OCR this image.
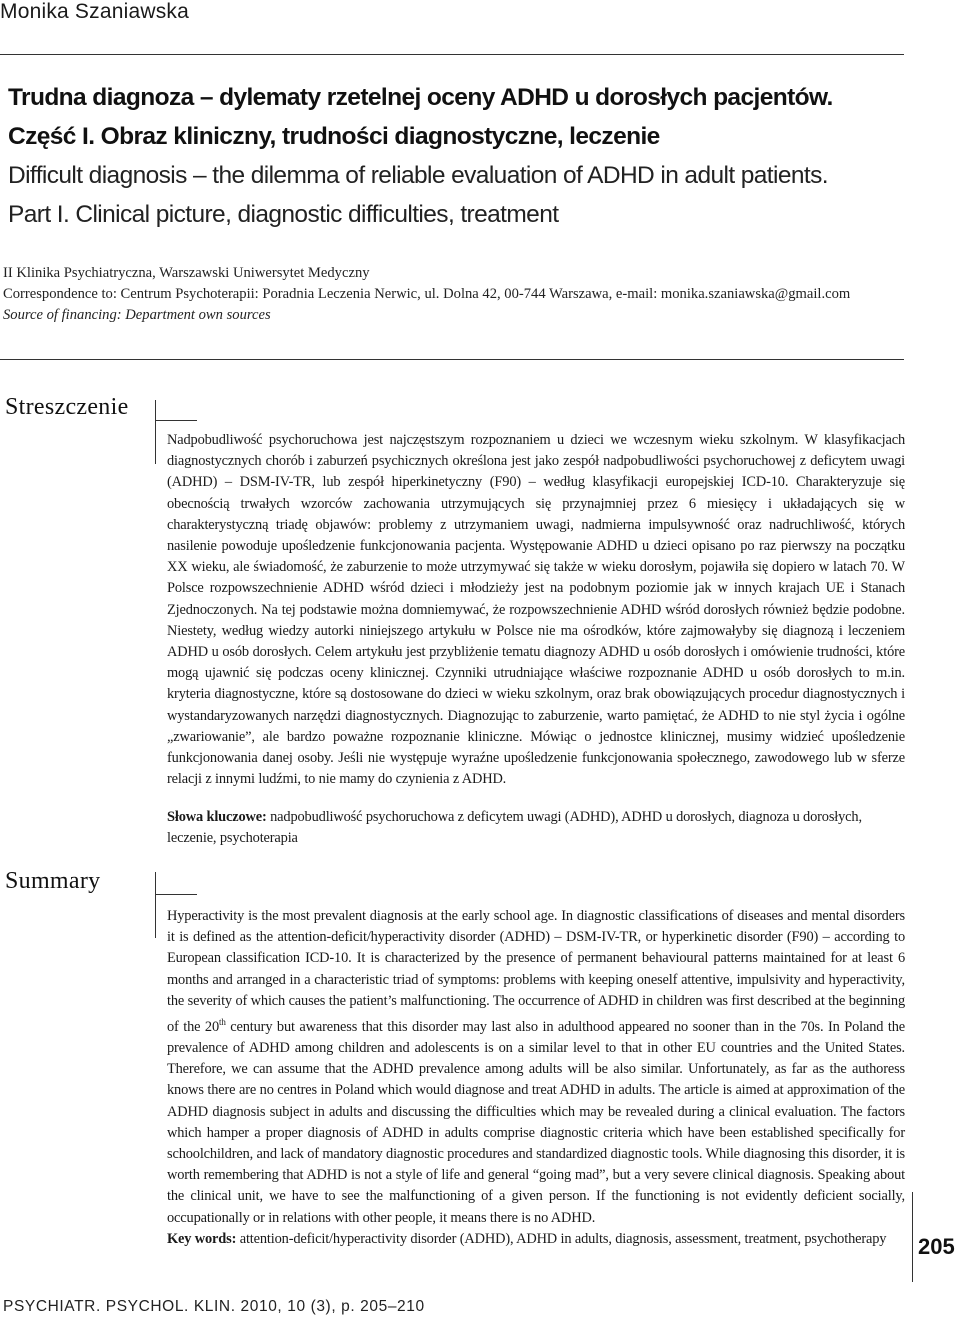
Monika Szaniawska
Trudna diagnoza – dylematy rzetelnej oceny ADHD u dorosłych pacjentów.
Część I. Obraz kliniczny, trudności diagnostyczne, leczenie
Difficult diagnosis – the dilemma of reliable evaluation of ADHD in adult patients.
Part I. Clinical picture, diagnostic difficulties, treatment
II Klinika Psychiatryczna, Warszawski Uniwersytet Medyczny
Correspondence to: Centrum Psychoterapii: Poradnia Leczenia Nerwic, ul. Dolna 42, 00-744 Warszawa, e-mail: monika.szaniawska@gmail.com
Source of financing: Department own sources
Streszczenie
Nadpobudliwość psychoruchowa jest najczęstszym rozpoznaniem u dzieci we wczesnym wieku szkolnym. W klasyfikacjach diagnostycznych chorób i zaburzeń psychicznych określona jest jako zespół nadpobudliwości psychoruchowej z deficytem uwagi (ADHD) – DSM-IV-TR, lub zespół hiperkinetyczny (F90) – według klasyfikacji europejskiej ICD-10. Charakteryzuje się obecnością trwałych wzorców zachowania utrzymujących się przynajmniej przez 6 miesięcy i układających się w charakterystyczną triadę objawów: problemy z utrzymaniem uwagi, nadmierna impulsywność oraz nadruchliwość, których nasilenie powoduje upośledzenie funkcjonowania pacjenta. Występowanie ADHD u dzieci opisano po raz pierwszy na początku XX wieku, ale świadomość, że zaburzenie to może utrzymywać się także w wieku dorosłym, pojawiła się dopiero w latach 70. W Polsce rozpowszechnienie ADHD wśród dzieci i młodzieży jest na podobnym poziomie jak w innych krajach UE i Stanach Zjednoczonych. Na tej podstawie można domniemywać, że rozpowszechnienie ADHD wśród dorosłych również będzie podobne. Niestety, według wiedzy autorki niniejszego artykułu w Polsce nie ma ośrodków, które zajmowałyby się diagnozą i leczeniem ADHD u osób dorosłych. Celem artykułu jest przybliżenie tematu diagnozy ADHD u osób dorosłych i omówienie trudności, które mogą ujawnić się podczas oceny klinicznej. Czynniki utrudniające właściwe rozpoznanie ADHD u osób dorosłych to m.in. kryteria diagnostyczne, które są dostosowane do dzieci w wieku szkolnym, oraz brak obowiązujących procedur diagnostycznych i wystandaryzowanych narzędzi diagnostycznych. Diagnozując to zaburzenie, warto pamiętać, że ADHD to nie styl życia i ogólne „zwariowanie”, ale bardzo poważne rozpoznanie kliniczne. Mówiąc o jednostce klinicznej, musimy widzieć upośledzenie funkcjonowania danej osoby. Jeśli nie występuje wyraźne upośledzenie funkcjonowania społecznego, zawodowego lub w sferze relacji z innymi ludźmi, to nie mamy do czynienia z ADHD.
Słowa kluczowe: nadpobudliwość psychoruchowa z deficytem uwagi (ADHD), ADHD u dorosłych, diagnoza u dorosłych, leczenie, psychoterapia
Summary
Hyperactivity is the most prevalent diagnosis at the early school age. In diagnostic classifications of diseases and mental disorders it is defined as the attention-deficit/hyperactivity disorder (ADHD) – DSM-IV-TR, or hyperkinetic disorder (F90) – according to European classification ICD-10. It is characterized by the presence of permanent behavioural patterns maintained for at least 6 months and arranged in a characteristic triad of symptoms: problems with keeping oneself attentive, impulsivity and hyperactivity, the severity of which causes the patient’s malfunctioning. The occurrence of ADHD in children was first described at the beginning of the 20th century but awareness that this disorder may last also in adulthood appeared no sooner than in the 70s. In Poland the prevalence of ADHD among children and adolescents is on a similar level to that in other EU countries and the United States. Therefore, we can assume that the ADHD prevalence among adults will be also similar. Unfortunately, as far as the authoress knows there are no centres in Poland which would diagnose and treat ADHD in adults. The article is aimed at approximation of the ADHD diagnosis subject in adults and discussing the difficulties which may be revealed during a clinical evaluation. The factors which hamper a proper diagnosis of ADHD in adults comprise diagnostic criteria which have been established specifically for schoolchildren, and lack of mandatory diagnostic procedures and standardized diagnostic tools. While diagnosing this disorder, it is worth remembering that ADHD is not a style of life and general “going mad”, but a very severe clinical diagnosis. Speaking about the clinical unit, we have to see the malfunctioning of a given person. If the functioning is not evidently deficient socially, occupationally or in relations with other people, it means there is no ADHD.
Key words: attention-deficit/hyperactivity disorder (ADHD), ADHD in adults, diagnosis, assessment, treatment, psychotherapy	205
PSYCHIATR. PSYCHOL. KLIN. 2010, 10 (3), p. 205–210
